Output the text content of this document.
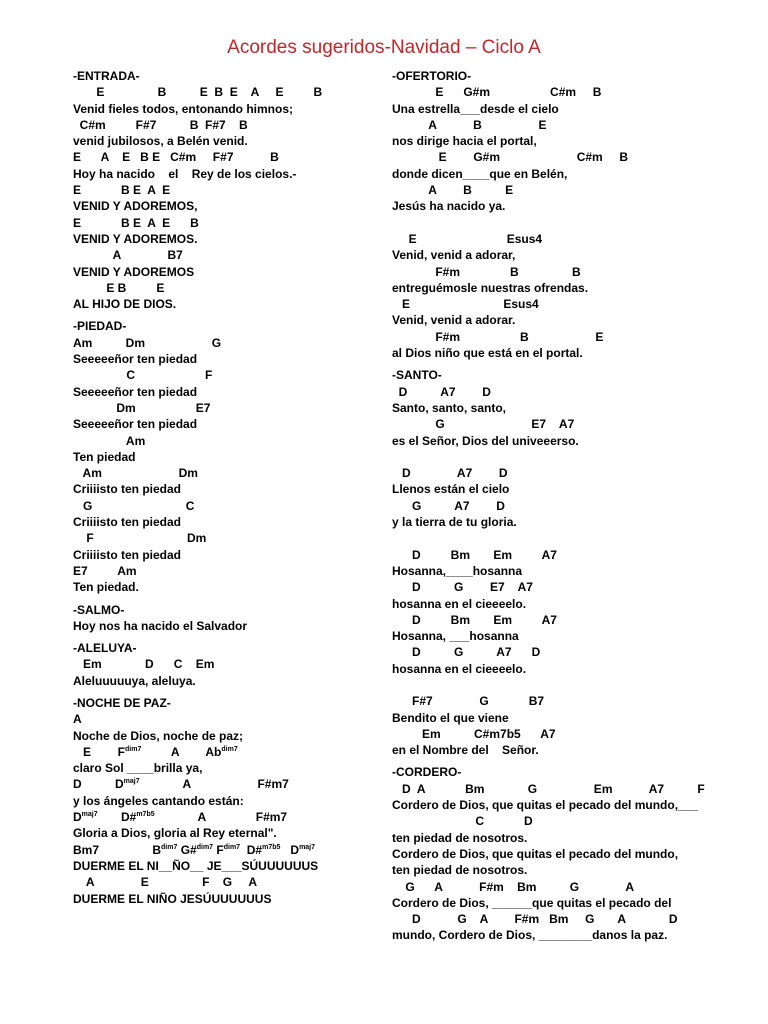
Acordes sugeridos-Navidad – Ciclo A
-ENTRADA-
E                B          E  B  E    A     E         B
Venid fieles todos, entonando himnos;
C#m         F#7          B  F#7    B
venid jubilosos, a Belén venid.
E      A    E   B E   C#m     F#7           B
Hoy ha nacido    el    Rey de los cielos.-
E            B E  A  E
VENID Y ADOREMOS,
E            B E  A  E      B
VENID Y ADOREMOS.
A              B7
VENID Y ADOREMOS
E B         E
AL HIJO DE DIOS.
-PIEDAD-
Am          Dm                    G
Seeeeeñor ten piedad
C                     F
Seeeeeñor ten piedad
Dm                  E7
Seeeeeñor ten piedad
Am
Ten piedad
Am                       Dm
Criiiisto ten piedad
G                            C
Criiiisto ten piedad
F                            Dm
Criiiisto ten piedad
E7         Am
Ten piedad.
-SALMO-
Hoy nos ha nacido el Salvador
-ALELUYA-
Em             D      C    Em
Aleluuuuuya, aleluya.
-NOCHE DE PAZ-
A
Noche de Dios, noche de paz;
E        $F^{dim7}$         A        $Ab^{dim7}$
claro Sol ____brilla ya,
D          $D^{maj7}$             A                    F#m7
y los ángeles cantando están:
$D^{maj7}$       D#$^{m7b5}$             A               F#m7
Gloria a Dios, gloria al Rey eternal".
Bm7                $B^{dim7}$ G#$^{dim7}$ $F^{dim7}$  D#$^{m7b5}$   $D^{maj7}$
DUERME EL NI__ÑO__ JE___SÚUUUUUUS
A              E                F    G     A
DUERME EL NIÑO JESÚUUUUUUS
-OFERTORIO-
E      G#m                  C#m     B
Una estrella___desde el cielo
A           B                 E
nos dirige hacia el portal,
E        G#m                       C#m     B
donde dicen____que en Belén,
A        B          E
Jesús ha nacido ya.
E                           Esus4
Venid, venid a adorar,
F#m               B                B
entreguémosle nuestras ofrendas.
E                            Esus4
Venid, venid a adorar.
F#m                  B                    E
al Dios niño que está en el portal.
-SANTO-
D          A7        D
Santo, santo, santo,
G                          E7    A7
es el Señor, Dios del univeeerso.
D              A7        D
Llenos están el cielo
G          A7        D
y la tierra de tu gloria.
D         Bm       Em         A7
Hosanna,____hosanna
D          G        E7    A7
hosanna en el cieeeelo.
D         Bm       Em         A7
Hosanna, ___hosanna
D          G          A7      D
hosanna en el cieeeelo.
F#7              G            B7
Bendito el que viene
Em          C#m7b5      A7
en el Nombre del    Señor.
-CORDERO-
D  A            Bm             G                 Em           A7          F
Cordero de Dios, que quitas el pecado del mundo,___
C            D
ten piedad de nosotros.
Cordero de Dios, que quitas el pecado del mundo,
ten piedad de nosotros.
G      A           F#m    Bm          G              A
Cordero de Dios, ______que quitas el pecado del
D           G    A        F#m   Bm     G       A             D
mundo, Cordero de Dios, ________danos la paz.
